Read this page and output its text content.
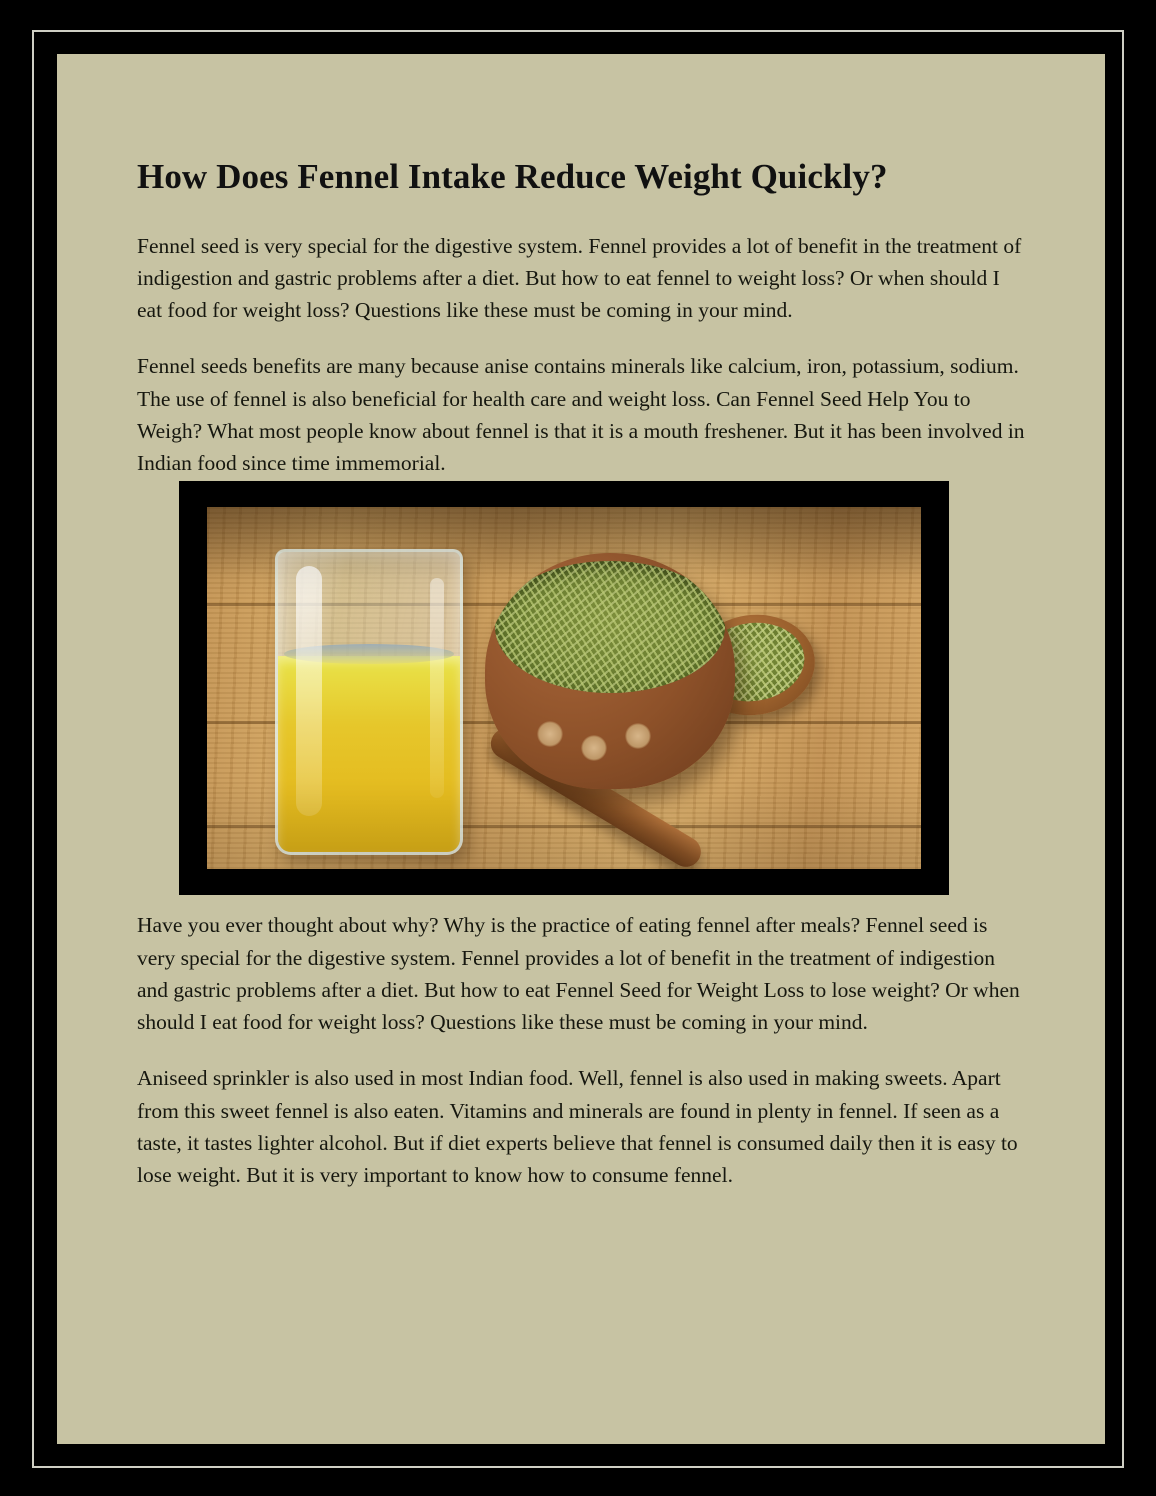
How Does Fennel Intake Reduce Weight Quickly?

Fennel seed is very special for the digestive system. Fennel provides a lot of benefit in the treatment of indigestion and gastric problems after a diet. But how to eat fennel to weight loss? Or when should I eat food for weight loss? Questions like these must be coming in your mind.

Fennel seeds benefits are many because anise contains minerals like calcium, iron, potassium, sodium. The use of fennel is also beneficial for health care and weight loss. Can Fennel Seed Help You to Weigh? What most people know about fennel is that it is a mouth freshener. But it has been involved in Indian food since time immemorial.

Have you ever thought about why? Why is the practice of eating fennel after meals? Fennel seed is very special for the digestive system. Fennel provides a lot of benefit in the treatment of indigestion and gastric problems after a diet. But how to eat Fennel Seed for Weight Loss to lose weight? Or when should I eat food for weight loss? Questions like these must be coming in your mind.

Aniseed sprinkler is also used in most Indian food. Well, fennel is also used in making sweets. Apart from this sweet fennel is also eaten. Vitamins and minerals are found in plenty in fennel. If seen as a taste, it tastes lighter alcohol. But if diet experts believe that fennel is consumed daily then it is easy to lose weight. But it is very important to know how to consume fennel.
